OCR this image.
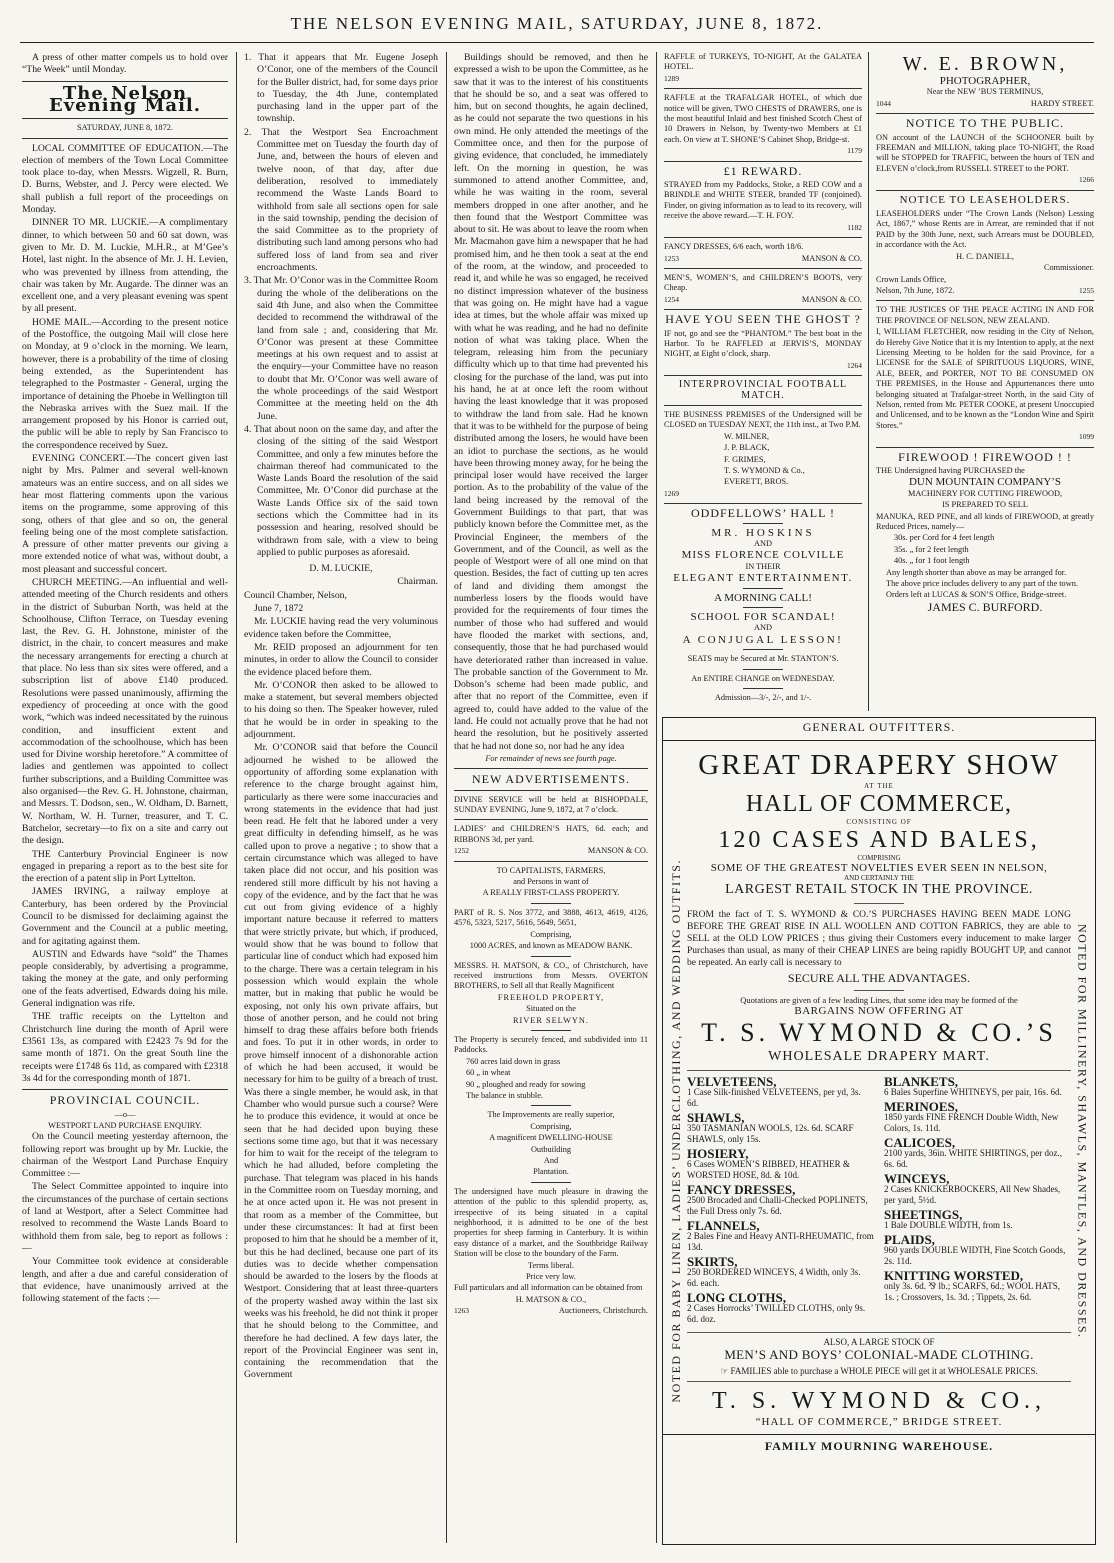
THE NELSON EVENING MAIL, SATURDAY, JUNE 8, 1872.

A press of other matter compels us to hold over “The Week” until Monday.

The Nelson Evening Mail.
SATURDAY, JUNE 8, 1872.

LOCAL COMMITTEE OF EDUCATION.—The election of members of the Town Local Committee took place to-day, when Messrs. Wigzell, R. Burn, D. Burns, Webster, and J. Percy were elected. We shall publish a full report of the proceedings on Monday.

DINNER TO MR. LUCKIE.—A complimentary dinner, to which between 50 and 60 sat down, was given to Mr. D. M. Luckie, M.H.R., at M’Gee’s Hotel, last night. In the absence of Mr. J. H. Levien, who was prevented by illness from attending, the chair was taken by Mr. Augarde. The dinner was an excellent one, and a very pleasant evening was spent by all present.

HOME MAIL.—According to the present notice of the Postoffice, the outgoing Mail will close here on Monday, at 9 o’clock in the morning. We learn, however, there is a probability of the time of closing being extended, as the Superintendent has telegraphed to the Postmaster - General, urging the importance of detaining the Phoebe in Wellington till the Nebraska arrives with the Suez mail. If the arrangement proposed by his Honor is carried out, the public will be able to reply by San Francisco to the correspondence received by Suez.

EVENING CONCERT.—The concert given last night by Mrs. Palmer and several well-known amateurs was an entire success, and on all sides we hear most flattering comments upon the various items on the programme, some approving of this song, others of that glee and so on, the general feeling being one of the most complete satisfaction. A pressure of other matter prevents our giving a more extended notice of what was, without doubt, a most pleasant and successful concert.

CHURCH MEETING.—An influential and well-attended meeting of the Church residents and others in the district of Suburban North, was held at the Schoolhouse, Clifton Terrace, on Tuesday evening last, the Rev. G. H. Johnstone, minister of the district, in the chair, to concert measures and make the necessary arrangements for erecting a church at that place. No less than six sites were offered, and a subscription list of above £140 produced. Resolutions were passed unanimously, affirming the expediency of proceeding at once with the good work, “which was indeed necessitated by the ruinous condition, and insufficient extent and accommodation of the schoolhouse, which has been used for Divine worship heretofore.” A committee of ladies and gentlemen was appointed to collect further subscriptions, and a Building Committee was also organised—the Rev. G. H. Johnstone, chairman, and Messrs. T. Dodson, sen., W. Oldham, D. Barnett, W. Northam, W. H. Turner, treasurer, and T. C. Batchelor, secretary—to fix on a site and carry out the design.

THE Canterbury Provincial Engineer is now engaged in preparing a report as to the best site for the erection of a patent slip in Port Lyttelton.

JAMES IRVING, a railway employe at Canterbury, has been ordered by the Provincial Council to be dismissed for declaiming against the Government and the Council at a public meeting, and for agitating against them.

AUSTIN and Edwards have “sold” the Thames people considerably, by advertising a programme, taking the money at the gate, and only performing one of the feats advertised, Edwards doing his mile. General indignation was rife.

THE traffic receipts on the Lyttelton and Christchurch line during the month of April were £3561 13s, as compared with £2423 7s 9d for the same month of 1871. On the great South line the receipts were £1748 6s 11d, as compared with £2318 3s 4d for the corresponding month of 1871.

PROVINCIAL COUNCIL.
—o—
WESTPORT LAND PURCHASE ENQUIRY.

On the Council meeting yesterday afternoon, the following report was brought up by Mr. Luckie, the chairman of the Westport Land Purchase Enquiry Committee :—

The Select Committee appointed to inquire into the circumstances of the purchase of certain sections of land at Westport, after a Select Committee had resolved to recommend the Waste Lands Board to withhold them from sale, beg to report as follows :—

Your Committee took evidence at considerable length, and after a due and careful consideration of that evidence, have unanimously arrived at the following statement of the facts :—

1. That it appears that Mr. Eugene Joseph O’Conor, one of the members of the Council for the Buller district, had, for some days prior to Tuesday, the 4th June, contemplated purchasing land in the upper part of the township.

2. That the Westport Sea Encroachment Committee met on Tuesday the fourth day of June, and, between the hours of eleven and twelve noon, of that day, after due deliberation, resolved to immediately recommend the Waste Lands Board to withhold from sale all sections open for sale in the said township, pending the decision of the said Committee as to the propriety of distributing such land among persons who had suffered loss of land from sea and river encroachments.

3. That Mr. O’Conor was in the Committee Room during the whole of the deliberations on the said 4th June, and also when the Committee decided to recommend the withdrawal of the land from sale ; and, considering that Mr. O’Conor was present at these Committee meetings at his own request and to assist at the enquiry—your Committee have no reason to doubt that Mr. O’Conor was well aware of the whole proceedings of the said Westport Committee at the meeting held on the 4th June.

4. That about noon on the same day, and after the closing of the sitting of the said Westport Committee, and only a few minutes before the chairman thereof had communicated to the Waste Lands Board the resolution of the said Committee, Mr. O’Conor did purchase at the Waste Lands Office six of the said town sections which the Committee had in its possession and hearing, resolved should be withdrawn from sale, with a view to being applied to public purposes as aforesaid.

D. M. LUCKIE,

Chairman.

Council Chamber, Nelson,

June 7, 1872

Mr. LUCKIE having read the very voluminous evidence taken before the Committee,

Mr. REID proposed an adjournment for ten minutes, in order to allow the Council to consider the evidence placed before them.

Mr. O’CONOR then asked to be allowed to make a statement, but several members objected to his doing so then. The Speaker however, ruled that he would be in order in speaking to the adjournment.

Mr. O’CONOR said that before the Council adjourned he wished to be allowed the opportunity of affording some explanation with reference to the charge brought against him, particularly as there were some inaccuracies and wrong statements in the evidence that had just been read. He felt that he labored under a very great difficulty in defending himself, as he was called upon to prove a negative ; to show that a certain circumstance which was alleged to have taken place did not occur, and his position was rendered still more difficult by his not having a copy of the evidence, and by the fact that he was cut out from giving evidence of a highly important nature because it referred to matters that were strictly private, but which, if produced, would show that he was bound to follow that particular line of conduct which had exposed him to the charge. There was a certain telegram in his possession which would explain the whole matter, but in making that public he would be exposing, not only his own private affairs, but those of another person, and he could not bring himself to drag these affairs before both friends and foes. To put it in other words, in order to prove himself innocent of a dishonorable action of which he had been accused, it would be necessary for him to be guilty of a breach of trust. Was there a single member, he would ask, in that Chamber who would pursue such a course? Were he to produce this evidence, it would at once be seen that he had decided upon buying these sections some time ago, but that it was necessary for him to wait for the receipt of the telegram to which he had alluded, before completing the purchase. That telegram was placed in his hands in the Committee room on Tuesday morning, and he at once acted upon it. He was not present in that room as a member of the Committee, but under these circumstances: It had at first been proposed to him that he should be a member of it, but this he had declined, because one part of its duties was to decide whether compensation should be awarded to the losers by the floods at Westport. Considering that at least three-quarters of the property washed away within the last six weeks was his freehold, he did not think it proper that he should belong to the Committee, and therefore he had declined. A few days later, the report of the Provincial Engineer was sent in, containing the recommendation that the Government

Buildings should be removed, and then he expressed a wish to be upon the Committee, as he saw that it was to the interest of his constituents that he should be so, and a seat was offered to him, but on second thoughts, he again declined, as he could not separate the two questions in his own mind. He only attended the meetings of the Committee once, and then for the purpose of giving evidence, that concluded, he immediately left. On the morning in question, he was summoned to attend another Committee, and, while he was waiting in the room, several members dropped in one after another, and he then found that the Westport Committee was about to sit. He was about to leave the room when Mr. Macmahon gave him a newspaper that he had promised him, and he then took a seat at the end of the room, at the window, and proceeded to read it, and while he was so engaged, he received no distinct impression whatever of the business that was going on. He might have had a vague idea at times, but the whole affair was mixed up with what he was reading, and he had no definite notion of what was taking place. When the telegram, releasing him from the pecuniary difficulty which up to that time had prevented his closing for the purchase of the land, was put into his hand, he at at once left the room without having the least knowledge that it was proposed to withdraw the land from sale. Had he known that it was to be withheld for the purpose of being distributed among the losers, he would have been an idiot to purchase the sections, as he would have been throwing money away, for he being the principal loser would have received the larger portion. As to the probability of the value of the land being increased by the removal of the Government Buildings to that part, that was publicly known before the Committee met, as the Provincial Engineer, the members of the Government, and of the Council, as well as the people of Westport were of all one mind on that question. Besides, the fact of cutting up ten acres of land and dividing them amongst the numberless losers by the floods would have provided for the requirements of four times the number of those who had suffered and would have flooded the market with sections, and, consequently, those that he had purchased would have deteriorated rather than increased in value. The probable sanction of the Government to Mr. Dobson’s scheme had been made public, and after that no report of the Committee, even if agreed to, could have added to the value of the land. He could not actually prove that he had not heard the resolution, but he positively asserted that he had not done so, nor had he any idea

For remainder of news see fourth page.

NEW ADVERTISEMENTS.

DIVINE SERVICE will be held at BISHOPDALE, SUNDAY EVENING, June 9, 1872, at 7 o’clock.

LADIES’ and CHILDREN’S HATS, 6d. each; and RIBBONS 3d, per yard.

1252	MANSON & CO.

TO CAPITALISTS, FARMERS,

and Persons in want of

A REALLY FIRST-CLASS PROPERTY.

PART of R. S. Nos 3772, and 3888, 4613, 4619, 4126, 4576, 5323, 5217, 5616, 5649, 5651,

Comprising,

1000 ACRES, and known as MEADOW BANK.

MESSRS. H. MATSON, & CO., of Christchurch, have received instructions from Messrs. OVERTON BROTHERS, to Sell all that Really Magnificent

FREEHOLD PROPERTY,

Situated on the

RIVER SELWYN.

The Property is securely fenced, and subdivided into 11 Paddocks.

760 acres laid down in grass

60 „ in wheat

90 „ ploughed and ready for sowing

The balance in stubble.

The Improvements are really superior,

Comprising,

A magnificent DWELLING-HOUSE

Outbuilding

And

Plantation.

The undersigned have much pleasure in drawing the attention of the public to this splendid property, as, irrespective of its being situated in a capital neighborhood, it is admitted to be one of the best properties for sheep farming in Canterbury. It is within easy distance of a market, and the Southbridge Railway Station will be close to the boundary of the Farm.

Terms liberal.

Price very low.

Full particulars and all information can be obtained from

H. MATSON & CO.,

1263	Auctioneers, Christchurch.

RAFFLE of TURKEYS, TO-NIGHT, At the GALATEA HOTEL.

1289

RAFFLE at the TRAFALGAR HOTEL, of which due notice will be given, TWO CHESTS of DRAWERS, one is the most beautiful Inlaid and best finished Scotch Chest of 10 Drawers in Nelson, by Twenty-two Members at £1 each. On view at T. SHONE’S Cabinet Shop, Bridge-st.

1179

£1 REWARD.

STRAYED from my Paddocks, Stoke, a RED COW and a BRINDLE and WHITE STEER, branded TF (conjoined). Finder, on giving information as to lead to its recovery, will receive the above reward.—T. H. FOY.

1182

FANCY DRESSES, 6/6 each, worth 18/6.

1253	MANSON & CO.

MEN’S, WOMEN’S, and CHILDREN’S BOOTS, very Cheap.

1254	MANSON & CO.

HAVE YOU SEEN THE GHOST ?

IF not, go and see the “PHANTOM.” The best boat in the Harbor. To be RAFFLED at JERVIS’S, MONDAY NIGHT, at Eight o’clock, sharp.

1264

INTERPROVINCIAL FOOTBALL MATCH.

THE BUSINESS PREMISES of the Undersigned will be CLOSED on TUESDAY NEXT, the 11th inst., at Two P.M.

W. MILNER,

J. P. BLACK,

F. GRIMES,

T. S. WYMOND & Co.,

EVERETT, BROS.

1269

ODDFELLOWS’ HALL !

MR. HOSKINS

AND

MISS FLORENCE COLVILLE

IN THEIR

ELEGANT ENTERTAINMENT.

A MORNING CALL!

SCHOOL FOR SCANDAL!

AND

A CONJUGAL LESSON!

SEATS may be Secured at Mr. STANTON’S.

An ENTIRE CHANGE on WEDNESDAY.

Admission—3/-, 2/-, and 1/-.

W. E. BROWN,

PHOTOGRAPHER,

Near the NEW ’BUS TERMINUS,

1044	HARDY STREET.

NOTICE TO THE PUBLIC.

ON account of the LAUNCH of the SCHOONER built by FREEMAN and MILLION, taking place TO-NIGHT, the Road will be STOPPED for TRAFFIC, between the hours of TEN and ELEVEN o’clock,from RUSSELL STREET to the PORT.

1266

NOTICE TO LEASEHOLDERS.

LEASEHOLDERS under “The Crown Lands (Nelson) Lessing Act, 1867,” whose Rents are in Arrear, are reminded that if not PAID by the 30th June, next, such Arrears must be DOUBLED, in accordance with the Act.

H. C. DANIELL,

Commissioner.

Crown Lands Office,

Nelson, 7th June, 1872.	1255

TO THE JUSTICES OF THE PEACE ACTING IN AND FOR THE PROVINCE OF NELSON, NEW ZEALAND.

I, WILLIAM FLETCHER, now residing in the City of Nelson, do Hereby Give Notice that it is my Intention to apply, at the next Licensing Meeting to be holden for the said Province, for a LICENSE for the SALE of SPIRITUOUS LIQUORS, WINE, ALE, BEER, and PORTER, NOT TO BE CONSUMED ON THE PREMISES, in the House and Appurtenances there unto belonging situated at Trafalgar-street North, in the said City of Nelson, rented from Mr. PETER COOKE, at present Unoccupied and Unlicensed, and to be known as the “London Wine and Spirit Stores.”

1099

FIREWOOD ! FIREWOOD ! !

THE Undersigned having PURCHASED the

DUN MOUNTAIN COMPANY’S

MACHINERY FOR CUTTING FIREWOOD,

IS PREPARED TO SELL

MANUKA, RED PINE, and all kinds of FIREWOOD, at greatly Reduced Prices, namely—

30s. per Cord for 4 feet length

35s. „ for 2 feet length

40s. „ for 1 foot length

Any length shorter than above as may be arranged for.

The above price includes delivery to any part of the town.

Orders left at LUCAS & SON’S Office, Bridge-street.

JAMES C. BURFORD.

NOTED FOR BABY LINEN, LADIES’ UNDERCLOTHING, AND WEDDING OUTFITS.	NOTED FOR MILLINERY, SHAWLS, MANTLES, AND DRESSES.
GENERAL OUTFITTERS.
GREAT DRAPERY SHOW
AT THE
HALL OF COMMERCE,
CONSISTING OF
120 CASES AND BALES,
COMPRISING
SOME OF THE GREATEST NOVELTIES EVER SEEN IN NELSON,
AND CERTAINLY THE
LARGEST RETAIL STOCK IN THE PROVINCE.
FROM the fact of T. S. WYMOND & CO.’S PURCHASES HAVING BEEN MADE LONG BEFORE THE GREAT RISE IN ALL WOOLLEN AND COTTON FABRICS, they are able to SELL at the OLD LOW PRICES ; thus giving their Customers every inducement to make larger Purchases than usual, as many of their CHEAP LINES are being rapidly BOUGHT UP, and cannot be repeated. An early call is necessary to
SECURE ALL THE ADVANTAGES.
Quotations are given of a few leading Lines, that some idea may be formed of the
BARGAINS NOW OFFERING AT
T. S. WYMOND & CO.’S
WHOLESALE DRAPERY MART.
VELVETEENS,
1 Case Silk-finished VELVETEENS, per yd, 3s. 6d.
SHAWLS,
350 TASMANIAN WOOLS, 12s. 6d. SCARF SHAWLS, only 15s.
HOSIERY,
6 Cases WOMEN’S RIBBED, HEATHER & WORSTED HOSE, 8d. & 10d.
FANCY DRESSES,
2500 Brocaded and Challi-Checked POPLINETS, the Full Dress only 7s. 6d.
FLANNELS,
2 Bales Fine and Heavy ANTI-RHEUMATIC, from 13d.
SKIRTS,
250 BORDERED WINCEYS, 4 Width, only 3s. 6d. each.
LONG CLOTHS,
2 Cases Horrocks’ TWILLED CLOTHS, only 9s. 6d. doz.
BLANKETS,
6 Bales Superfine WHITNEYS, per pair, 16s. 6d.
MERINOES,
1850 yards FINE FRENCH Double Width, New Colors, 1s. 11d.
CALICOES,
2100 yards, 36in. WHITE SHIRTINGS, per doz., 6s. 6d.
WINCEYS,
2 Cases KNICKERBOCKERS, All New Shades, per yard, 5½d.
SHEETINGS,
1 Bale DOUBLE WIDTH, from 1s.
PLAIDS,
960 yards DOUBLE WIDTH, Fine Scotch Goods, 2s. 11d.
KNITTING WORSTED,
only 3s. 6d. ⅋ lb.; SCARFS, 6d.; WOOL HATS, 1s. ; Crossovers, 1s. 3d. ; Tippets, 2s. 6d.
ALSO, A LARGE STOCK OF
MEN’S AND BOYS’ COLONIAL-MADE CLOTHING.
☞ FAMILIES able to purchase a WHOLE PIECE will get it at WHOLESALE PRICES.
T. S. WYMOND & CO.,
“HALL OF COMMERCE,” BRIDGE STREET.
FAMILY MOURNING WAREHOUSE.
